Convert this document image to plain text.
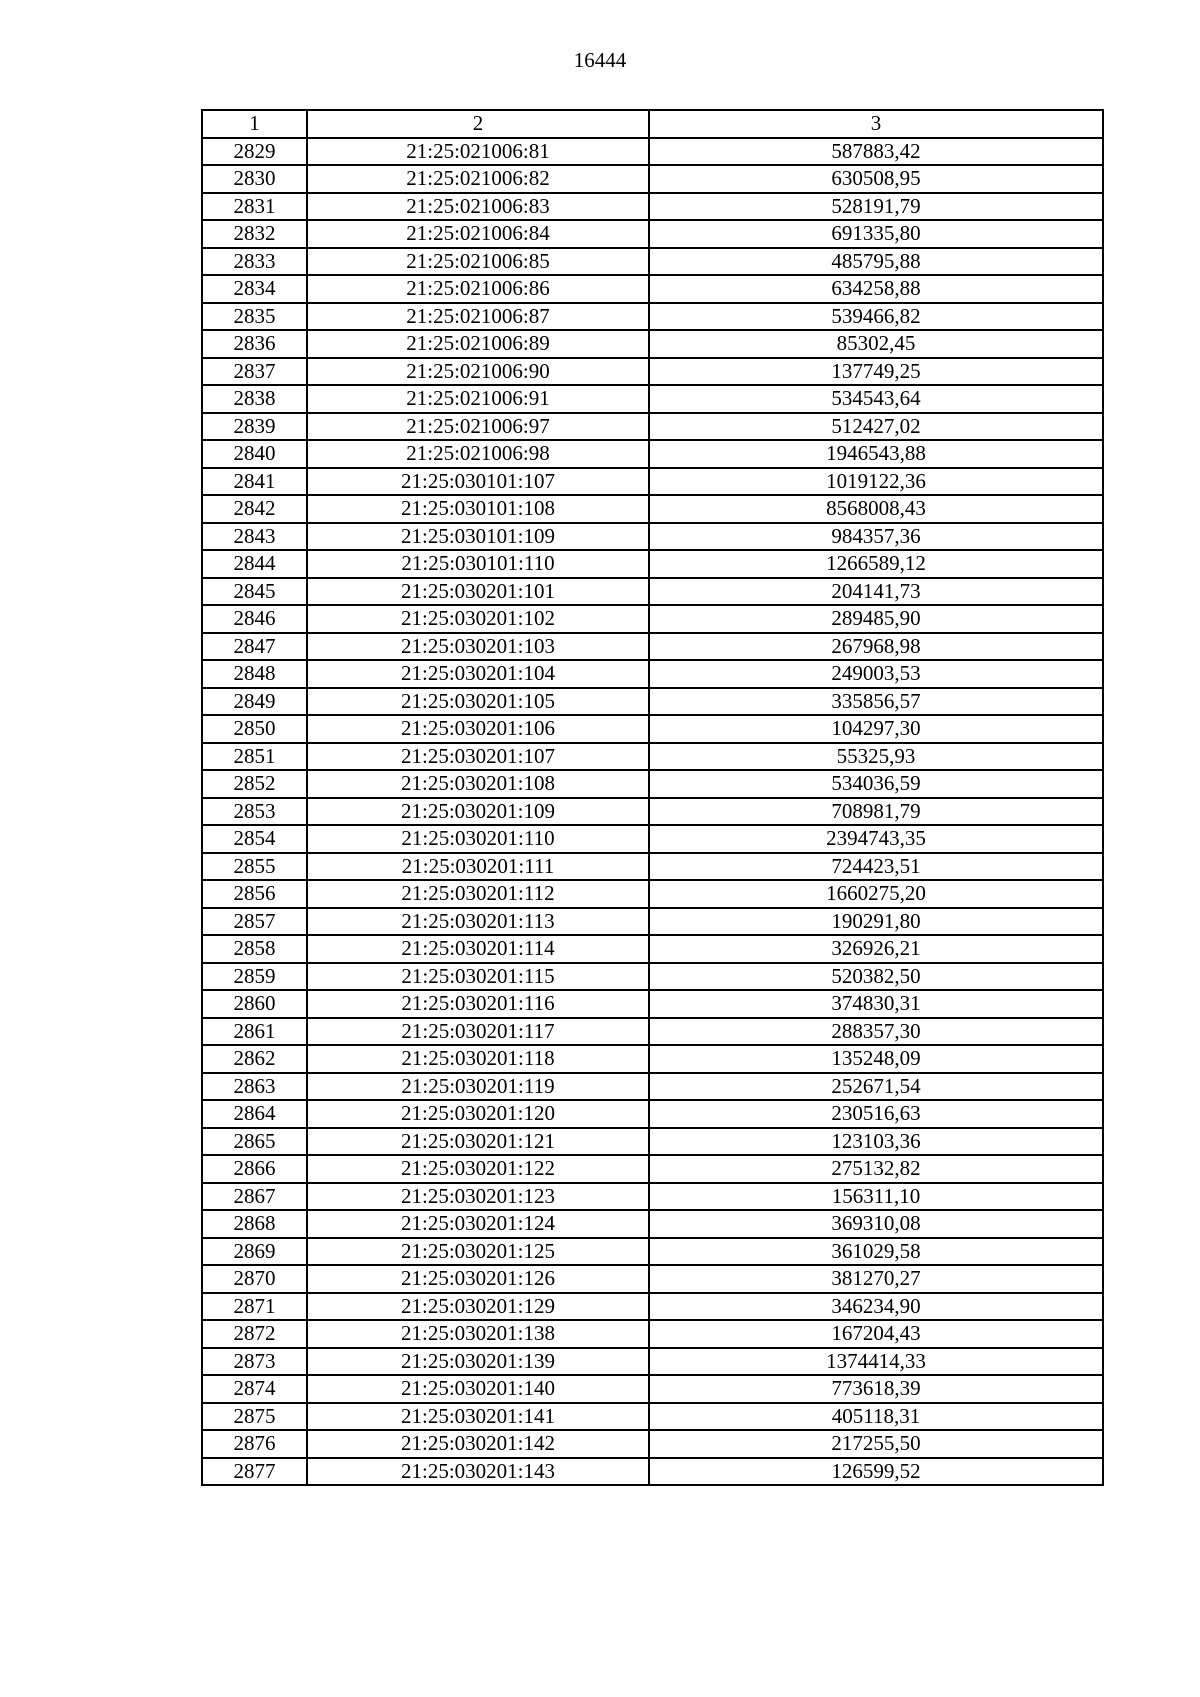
16444
1	2	3
2829	21:25:021006:81	587883,42
2830	21:25:021006:82	630508,95
2831	21:25:021006:83	528191,79
2832	21:25:021006:84	691335,80
2833	21:25:021006:85	485795,88
2834	21:25:021006:86	634258,88
2835	21:25:021006:87	539466,82
2836	21:25:021006:89	85302,45
2837	21:25:021006:90	137749,25
2838	21:25:021006:91	534543,64
2839	21:25:021006:97	512427,02
2840	21:25:021006:98	1946543,88
2841	21:25:030101:107	1019122,36
2842	21:25:030101:108	8568008,43
2843	21:25:030101:109	984357,36
2844	21:25:030101:110	1266589,12
2845	21:25:030201:101	204141,73
2846	21:25:030201:102	289485,90
2847	21:25:030201:103	267968,98
2848	21:25:030201:104	249003,53
2849	21:25:030201:105	335856,57
2850	21:25:030201:106	104297,30
2851	21:25:030201:107	55325,93
2852	21:25:030201:108	534036,59
2853	21:25:030201:109	708981,79
2854	21:25:030201:110	2394743,35
2855	21:25:030201:111	724423,51
2856	21:25:030201:112	1660275,20
2857	21:25:030201:113	190291,80
2858	21:25:030201:114	326926,21
2859	21:25:030201:115	520382,50
2860	21:25:030201:116	374830,31
2861	21:25:030201:117	288357,30
2862	21:25:030201:118	135248,09
2863	21:25:030201:119	252671,54
2864	21:25:030201:120	230516,63
2865	21:25:030201:121	123103,36
2866	21:25:030201:122	275132,82
2867	21:25:030201:123	156311,10
2868	21:25:030201:124	369310,08
2869	21:25:030201:125	361029,58
2870	21:25:030201:126	381270,27
2871	21:25:030201:129	346234,90
2872	21:25:030201:138	167204,43
2873	21:25:030201:139	1374414,33
2874	21:25:030201:140	773618,39
2875	21:25:030201:141	405118,31
2876	21:25:030201:142	217255,50
2877	21:25:030201:143	126599,52
